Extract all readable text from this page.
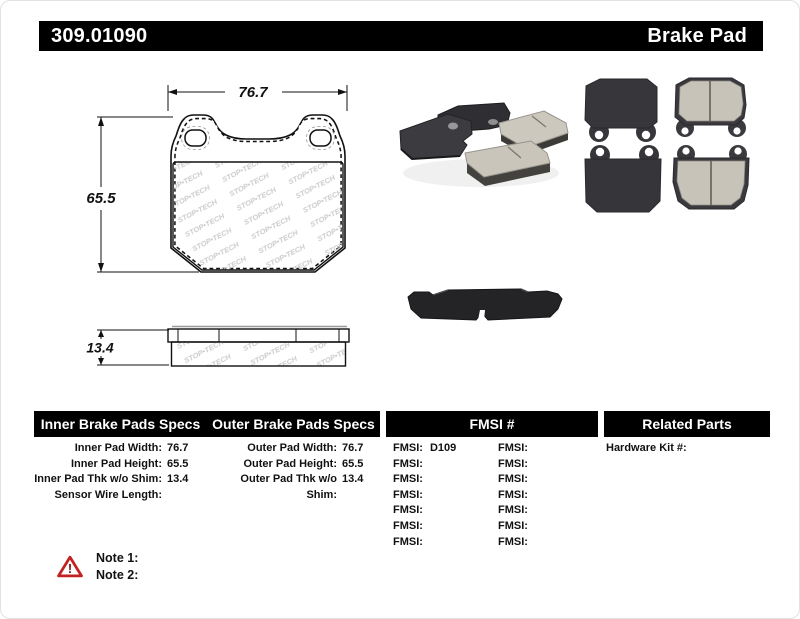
309.01090	Brake Pad
76.7
65.5
13.4
Inner Brake Pads Specs Outer Brake Pads Specs	FMSI #	Related Parts
Inner Pad Width: 76.7
Inner Pad Height: 65.5
Inner Pad Thk w/o Shim: 13.4
Sensor Wire Length:
Outer Pad Width: 76.7
Outer Pad Height: 65.5
Outer Pad Thk w/o Shim:
13.4
FMSI: D109	FMSI:
FMSI:	FMSI:
FMSI:	FMSI:
FMSI:	FMSI:
FMSI:	FMSI:
FMSI:	FMSI:
FMSI:	FMSI:
Hardware Kit #:
!
Note 1:
Note 2:
